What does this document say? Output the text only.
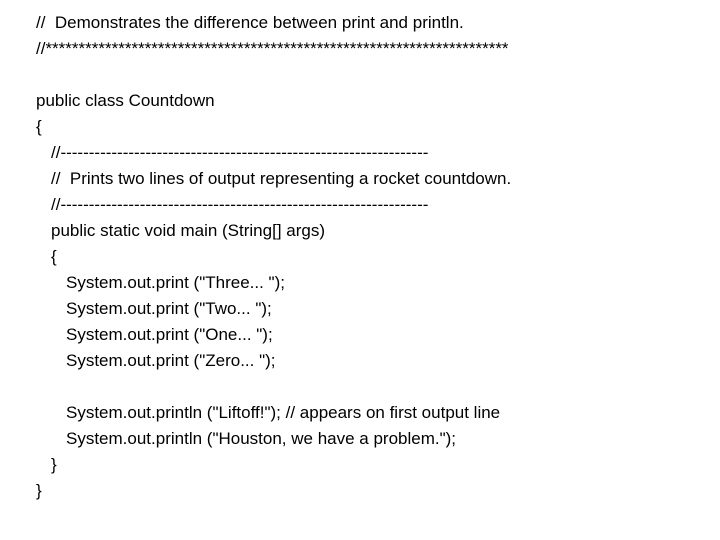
//  Demonstrates the difference between print and println.
//**********************************************************************
public class Countdown
{
//-----------------------------------------------------------------
//  Prints two lines of output representing a rocket countdown.
//-----------------------------------------------------------------
public static void main (String[] args)
{
System.out.print ("Three... ");
System.out.print ("Two... ");
System.out.print ("One... ");
System.out.print ("Zero... ");
System.out.println ("Liftoff!"); // appears on first output line
System.out.println ("Houston, we have a problem.");
}
}
